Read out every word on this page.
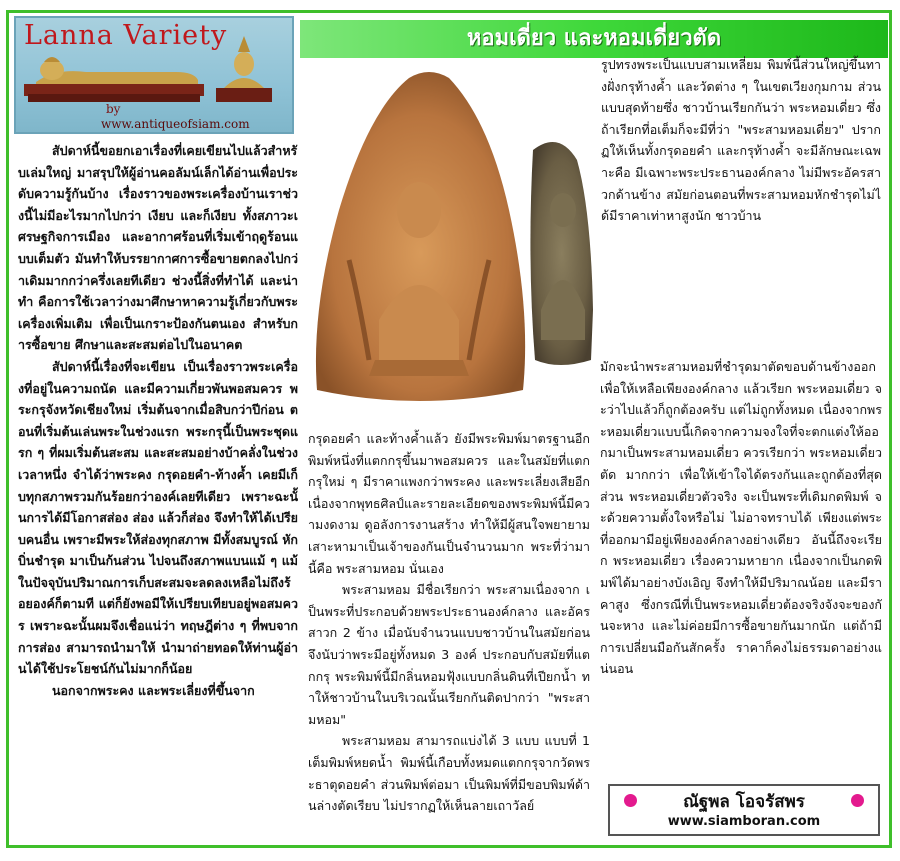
Lanna Variety
by
www.antiqueofsiam.com
หอมเดี่ยว และหอมเดี่ยวตัด

สัปดาห์นี้ขอยกเอาเรื่องที่เคยเขียนไปแล้วสำหรับเล่มใหญ่ มาสรุปให้ผู้อ่านคอลัมน์เล็กได้อ่านเพื่อประดับความรู้กันบ้าง เรื่องราวของพระเครื่องบ้านเราช่วงนี้ไม่มีอะไรมากไปกว่า เงียบ และก็เงียบ ทั้งสภาวะเศรษฐกิจการเมือง และอากาศร้อนที่เริ่มเข้าฤดูร้อนแบบเต็มตัว มันทำให้บรรยากาศการซื้อขายตกลงไปกว่าเดิมมากกว่าครึ่งเลยทีเดียว ช่วงนี้สิ่งที่ทำได้ และน่าทำ คือการใช้เวลาว่างมาศึกษาหาความรู้เกี่ยวกับพระเครื่องเพิ่มเติม เพื่อเป็นเกราะป้องกันตนเอง สำหรับการซื้อขาย ศึกษาและสะสมต่อไปในอนาคต

สัปดาห์นี้เรื่องที่จะเขียน เป็นเรื่องราวพระเครื่องที่อยู่ในความถนัด และมีความเกี่ยวพันพอสมควร พระกรุจังหวัดเชียงใหม่ เริ่มต้นจากเมื่อสิบกว่าปีก่อน ตอนที่เริ่มต้นเล่นพระในช่วงแรก พระกรุนี้เป็นพระชุดแรก ๆ ที่ผมเริ่มต้นสะสม และสะสมอย่างบ้าคลั่งในช่วงเวลาหนึ่ง จำได้ว่าพระคง กรุดอยคำ-ท้างค้ำ เคยมีเก็บทุกสภาพรวมกันร้อยกว่าองค์เลยทีเดียว เพราะฉะนั้นการได้มีโอกาสส่อง ส่อง แล้วก็ส่อง จึงทำให้ได้เปรียบคนอื่น เพราะมีพระให้ส่องทุกสภาพ มีทั้งสมบูรณ์ หักบิ่นชำรุด มาเป็นก้นส่วน ไปจนถึงสภาพแบนแม้ ๆ แม้ในปัจจุบันปริมาณการเก็บสะสมจะลดลงเหลือไม่ถึงร้อยองค์ก็ตามที แต่ก็ยังพอมีให้เปรียบเทียบอยู่พอสมควร เพราะฉะนั้นผมจึงเชื่อแน่ว่า ทฤษฎีต่าง ๆ ที่พบจากการส่อง สามารถนำมาให้ นำมาถ่ายทอดให้ท่านผู้อ่านได้ใช้ประโยชน์กันไม่มากก็น้อย

นอกจากพระคง และพระเลี่ยงที่ขึ้นจาก

รูปทรงพระเป็นแบบสามเหลี่ยม พิมพ์นี้ส่วนใหญ่ขึ้นทางฝั่งกรุท้างค้ำ และวัดต่าง ๆ ในเขตเวียงกุมกาม ส่วนแบบสุดท้ายซึ่ง ชาวบ้านเรียกกันว่า พระหอมเดี่ยว ซึ่งถ้าเรียกที่อเต็มก็จะมีที่ว่า "พระสามหอมเดี่ยว" ปรากฏให้เห็นทั้งกรุดอยคำ และกรุท้างค้ำ จะมีลักษณะเฉพาะคือ มีเฉพาะพระประธานองค์กลาง ไม่มีพระอัครสาวกด้านข้าง สมัยก่อนตอนที่พระสามหอมหักชำรุดไม่ได้มีราคาเท่าหาสูงนัก ชาวบ้าน

กรุดอยคำ และท้างค้ำแล้ว ยังมีพระพิมพ์มาตรฐานอีกพิมพ์หนึ่งที่แตกกรุขึ้นมาพอสมควร และในสมัยที่แตกกรุใหม่ ๆ มีราคาแพงกว่าพระคง และพระเลี่ยงเสียอีก เนื่องจากพุทธศิลป์และรายละเอียดของพระพิมพ์นี้มีความงดงาม ดูอลังการงานสร้าง ทำให้มีผู้สนใจพยายามเสาะหามาเป็นเจ้าของกันเป็นจำนวนมาก พระที่ว่ามานี้คือ พระสามหอม นั่นเอง

พระสามหอม มีชื่อเรียกว่า พระสามเนื่องจาก เป็นพระที่ประกอบด้วยพระประธานองค์กลาง และอัครสาวก 2 ข้าง เมื่อนับจำนวนแบบชาวบ้านในสมัยก่อน จึงนับว่าพระมีอยู่ทั้งหมด 3 องค์ ประกอบกับสมัยที่แตกกรุ พระพิมพ์นี้มีกลิ่นหอมฟุ้งแบบกลิ่นดินที่เปียกน้ำ ทำให้ชาวบ้านในบริเวณนั้นเรียกกันติดปากว่า "พระสามหอม"

พระสามหอม สามารถแบ่งได้ 3 แบบ แบบที่ 1 เต็มพิมพ์หยดน้ำ พิมพ์นี้เกือบทั้งหมดแตกกรุจากวัดพระธาตุดอยคำ ส่วนพิมพ์ต่อมา เป็นพิมพ์ที่มีขอบพิมพ์ด้านล่างตัดเรียบ ไม่ปรากฏให้เห็นลายเถาวัลย์

มักจะนำพระสามหอมที่ชำรุดมาตัดขอบด้านข้างออก เพื่อให้เหลือเพียงองค์กลาง แล้วเรียก พระหอมเดี่ยว จะว่าไปแล้วก็ถูกต้องครับ แต่ไม่ถูกทั้งหมด เนื่องจากพระหอมเดี่ยวแบบนี้เกิดจากความจงใจที่จะตกแต่งให้ออกมาเป็นพระสามหอมเดี่ยว ควรเรียกว่า พระหอมเดี่ยวตัด มากกว่า เพื่อให้เข้าใจได้ตรงกันและถูกต้องที่สุด ส่วน พระหอมเดี่ยวตัวจริง จะเป็นพระที่เดิมกดพิมพ์ จะด้วยความตั้งใจหรือไม่ ไม่อาจทราบได้ เพียงแต่พระที่ออกมามีอยู่เพียงองค์กลางอย่างเดียว อันนี้ถึงจะเรียก พระหอมเดี่ยว เรื่องความหายาก เนื่องจากเป็นกดพิมพ์ได้มาอย่างบังเอิญ จึงทำให้มีปริมาณน้อย และมีราคาสูง ซึ่งกรณีที่เป็นพระหอมเดี่ยวต้องจริงจังจะของกันจะหาง และไม่ค่อยมีการซื้อขายกันมากนัก แต่ถ้ามีการเปลี่ยนมือกันสักครั้ง ราคาก็คงไม่ธรรมดาอย่างแน่นอน

ณัฐพล โอจรัสพร
www.siamboran.com
